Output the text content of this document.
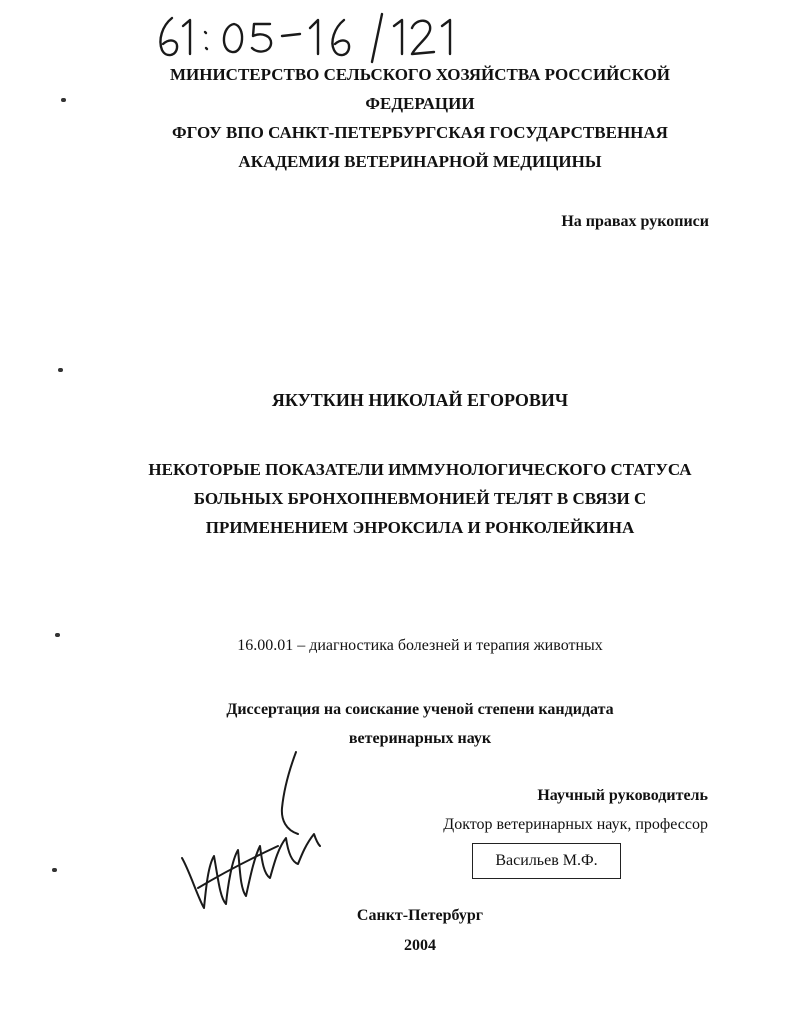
МИНИСТЕРСТВО СЕЛЬСКОГО ХОЗЯЙСТВА РОССИЙСКОЙ
ФЕДЕРАЦИИ
ФГОУ ВПО САНКТ-ПЕТЕРБУРГСКАЯ ГОСУДАРСТВЕННАЯ
АКАДЕМИЯ ВЕТЕРИНАРНОЙ МЕДИЦИНЫ
На правах рукописи
ЯКУТКИН НИКОЛАЙ ЕГОРОВИЧ
НЕКОТОРЫЕ ПОКАЗАТЕЛИ ИММУНОЛОГИЧЕСКОГО СТАТУСА
БОЛЬНЫХ БРОНХОПНЕВМОНИЕЙ ТЕЛЯТ В СВЯЗИ С
ПРИМЕНЕНИЕМ ЭНРОКСИЛА И РОНКОЛЕЙКИНА
16.00.01 – диагностика болезней и терапия животных
Диссертация на соискание ученой степени кандидата
ветеринарных наук
Научный руководитель
Доктор ветеринарных наук, профессор
Васильев М.Ф.
Санкт-Петербург
2004
